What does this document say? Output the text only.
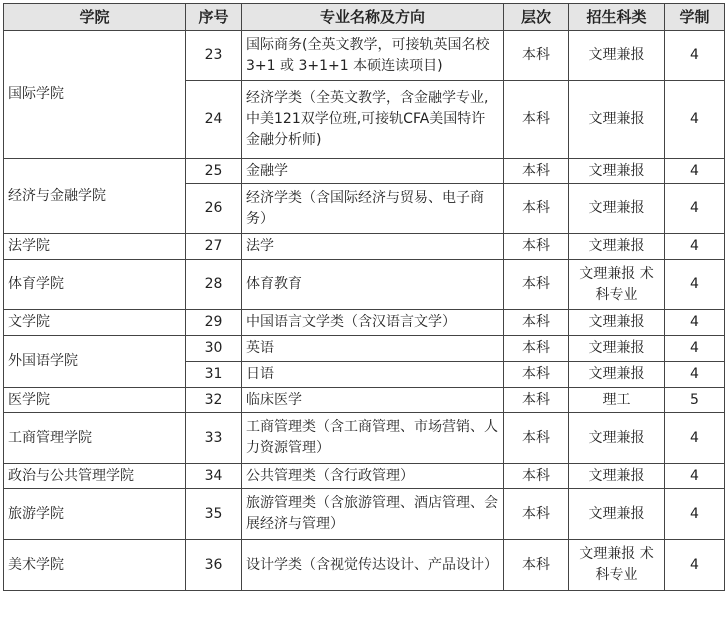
学院	序号	专业名称及方向	层次	招生科类	学制
国际学院	23	国际商务(全英文教学，可接轨英国名校 3+1 或 3+1+1 本硕连读项目)	本科	文理兼报	4
	24	经济学类（全英文教学，含金融学专业,中美121双学位班,可接轨CFA美国特许金融分析师)	本科	文理兼报	4
经济与金融学院	25	金融学	本科	文理兼报	4
	26	经济学类（含国际经济与贸易、电子商务）	本科	文理兼报	4
法学院	27	法学	本科	文理兼报	4
体育学院	28	体育教育	本科	文理兼报 术科专业	4
文学院	29	中国语言文学类（含汉语言文学）	本科	文理兼报	4
外国语学院	30	英语	本科	文理兼报	4
	31	日语	本科	文理兼报	4
医学院	32	临床医学	本科	理工	5
工商管理学院	33	工商管理类（含工商管理、市场营销、人力资源管理）	本科	文理兼报	4
政治与公共管理学院	34	公共管理类（含行政管理）	本科	文理兼报	4
旅游学院	35	旅游管理类（含旅游管理、酒店管理、会展经济与管理）	本科	文理兼报	4
美术学院	36	设计学类（含视觉传达设计、产品设计）	本科	文理兼报 术科专业	4
